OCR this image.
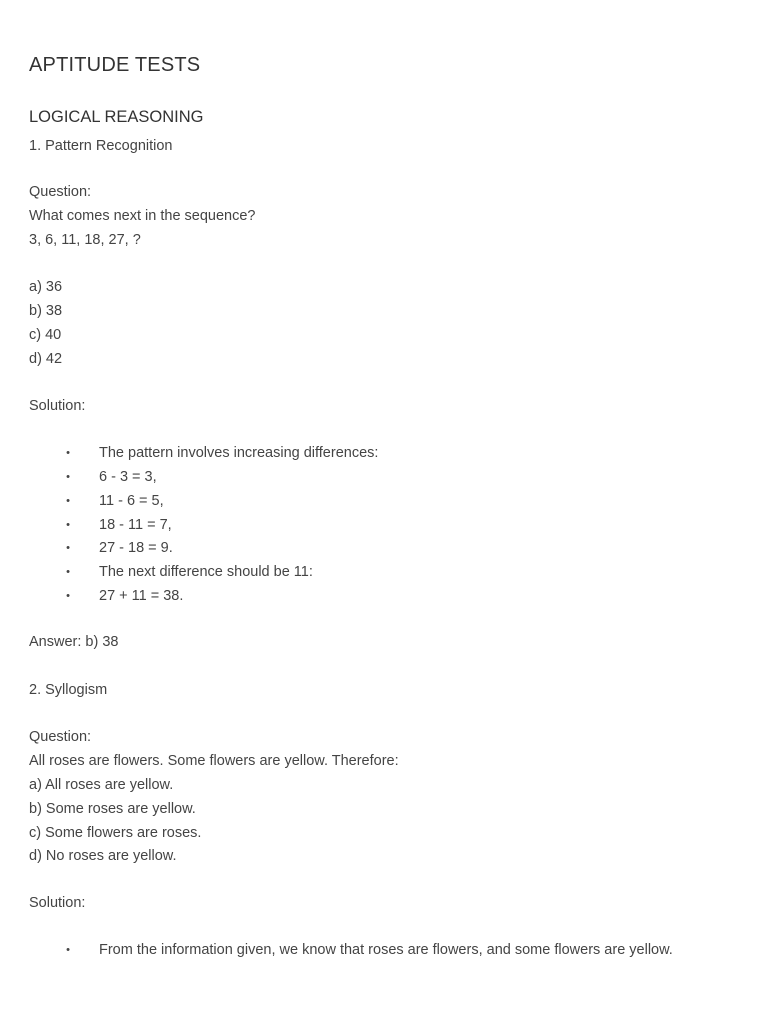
APTITUDE TESTS
LOGICAL REASONING
1. Pattern Recognition
Question:
What comes next in the sequence?
3, 6, 11, 18, 27, ?
a) 36
b) 38
c) 40
d) 42
Solution:
• The pattern involves increasing differences:
• 6 - 3 = 3,
• 11 - 6 = 5,
• 18 - 11 = 7,
• 27 - 18 = 9.
• The next difference should be 11:
• 27 + 11 = 38.
Answer: b) 38
2. Syllogism
Question:
All roses are flowers. Some flowers are yellow. Therefore:
a) All roses are yellow.
b) Some roses are yellow.
c) Some flowers are roses.
d) No roses are yellow.
Solution:
• From the information given, we know that roses are flowers, and some flowers are yellow.
